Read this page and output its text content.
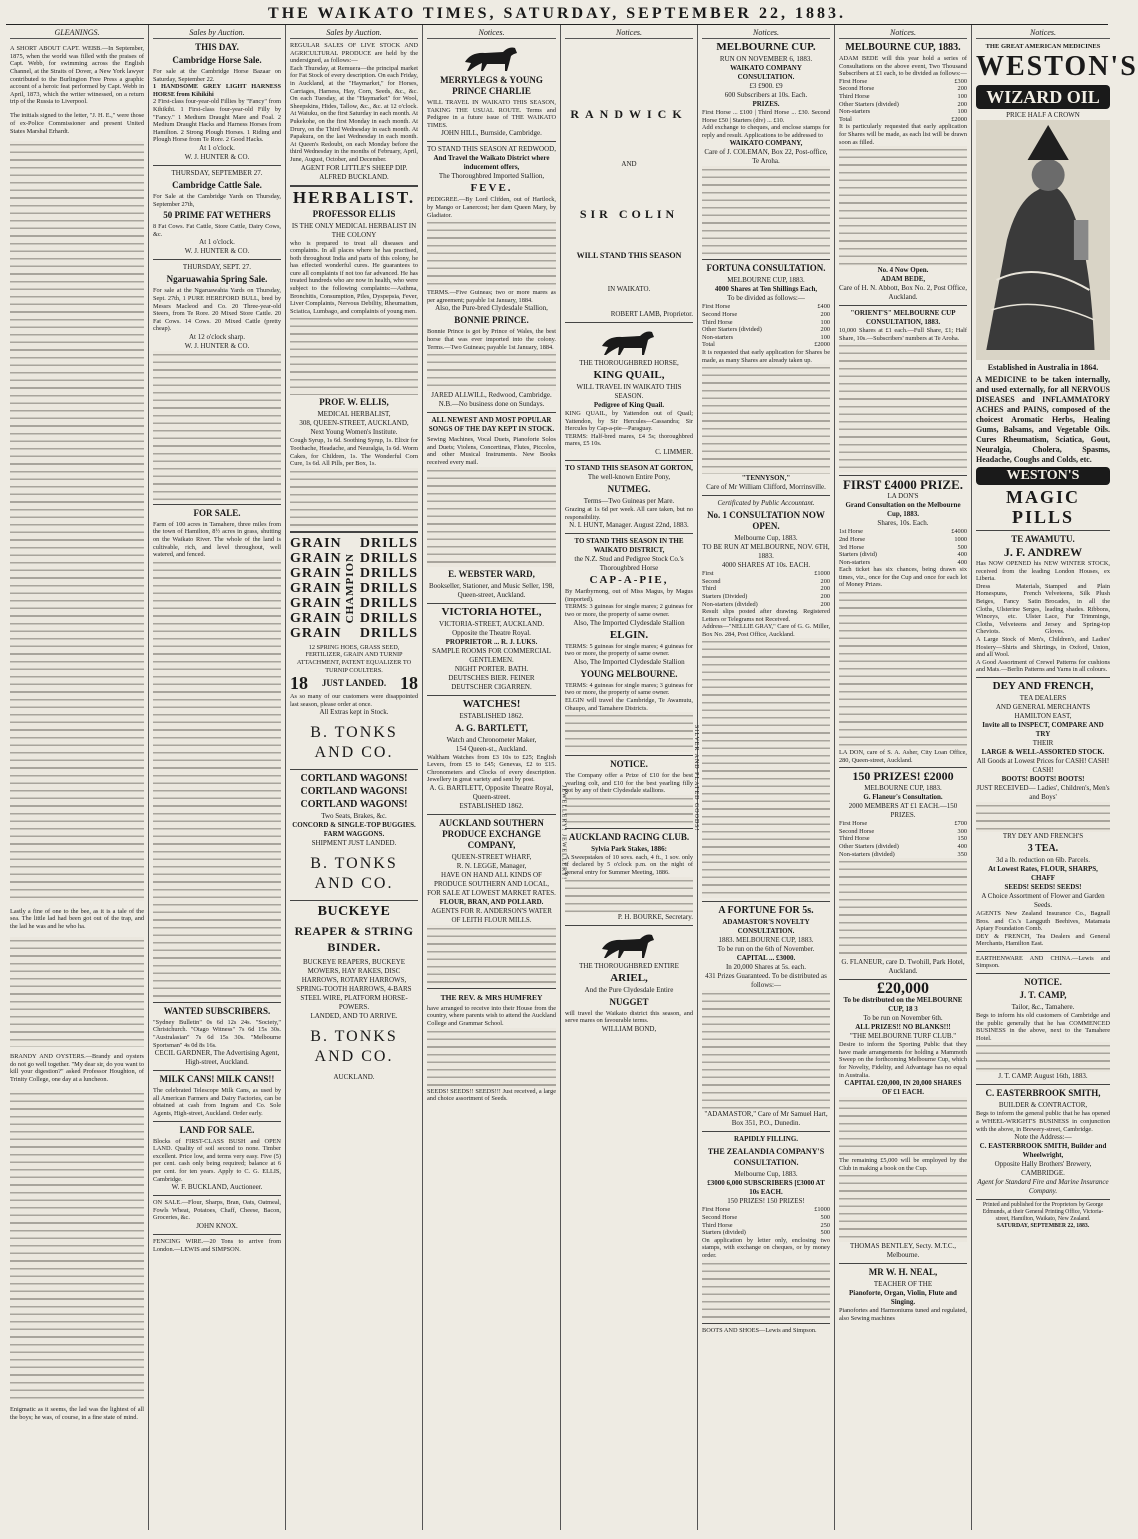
THE WAIKATO TIMES, SATURDAY, SEPTEMBER 22, 1883.
GLEANINGS.

A SHORT ABOUT CAPT. WEBB.—In September, 1875, when the world was filled with the praises of Capt. Webb, for swimming across the English Channel, at the Straits of Dover, a New York lawyer contributed to the Burlington Free Press a graphic account of a heroic feat performed by Capt. Webb in April, 1873, which the writer witnessed, on a return trip of the Russia to Liverpool.

The initials signed to the letter, "J. H. E.," were those of ex-Police Commissioner and present United States Marshal Erhardt.

Lastly a fine of one to the bee, as it is a tale of the sea. The little lad had been got out of the trap, and the lad he was and he who ha.

BRANDY AND OYSTERS.—Brandy and oysters do not go well together. "My dear sir, do you want to kill your digestion?" asked Professor Houghton, of Trinity College, one day at a luncheon.

Enigmatic as it seems, the lad was the lightest of all the boys; he was, of course, in a fine state of mind.

Sales by Auction.
THIS DAY.
Cambridge Horse Sale.
For sale at the Cambridge Horse Bazaar on Saturday, September 22.
1 HANDSOME GREY LIGHT HARNESS HORSE from Kihikihi
2 First-class four-year-old Fillies by "Fancy" from Kihikihi. 1 First-class four-year-old Filly by "Fancy." 1 Medium Draught Mare and Foal. 2 Medium Draught Hacks and Harness Horses from Hamilton. 2 Strong Plough Horses. 1 Riding and Plough Horse from Te Rore. 2 Good Hacks.
At 1 o'clock.
W. J. HUNTER & CO.
THURSDAY, SEPTEMBER 27.
Cambridge Cattle Sale.
For Sale at the Cambridge Yards on Thursday, September 27th,
50 PRIME FAT WETHERS
8 Fat Cows. Fat Cattle, Store Cattle, Dairy Cows, &c.
At 1 o'clock.
W. J. HUNTER & CO.
THURSDAY, SEPT. 27.
Ngaruawahia Spring Sale.
For sale at the Ngaruawahia Yards on Thursday, Sept. 27th, 1 PURE HEREFORD BULL, bred by Messrs Macleod and Co. 20 Three-year-old Steers, from Te Rore. 20 Mixed Store Cattle. 20 Fat Cows. 14 Cows. 20 Mixed Cattle (pretty cheap).
At 12 o'clock sharp.
W. J. HUNTER & CO.
FOR SALE.
Farm of 100 acres in Tamahere, three miles from the town of Hamilton, 8½ acres in grass, shutting on the Waikato River. The whole of the land is cultivable, rich, and level throughout, well watered, and fenced.
WANTED SUBSCRIBERS.
"Sydney Bulletin" 0s 6d 12s 24s. "Society," Christchurch. "Otago Witness" 7s 6d 15s 30s. "Australasian" 7s 6d 15s 30s. "Melbourne Sportsman" 4s 0d 8s 16s.
CECIL GARDNER, The Advertising Agent, High-street, Auckland.
MILK CANS! MILK CANS!!
The celebrated Telescope Milk Cans, as used by all American Farmers and Dairy Factories, can be obtained at cash from Ingram and Co. Sole Agents, High-street, Auckland. Order early.
LAND FOR SALE.
Blocks of FIRST-CLASS BUSH and OPEN LAND. Quality of soil second to none. Timber excellent. Price low, and terms very easy. Five (5) per cent. cash only being required; balance at 6 per cent. for ten years. Apply to C. G. ELLIS, Cambridge.
W. F. BUCKLAND, Auctioneer.
ON SALE.—Flour, Sharps, Bran, Oats, Oatmeal, Fowls Wheat, Potatoes, Chaff, Cheese, Bacon, Groceries, &c.
JOHN KNOX.
FENCING WIRE.—20 Tons to arrive from London.—LEWIS and SIMPSON.
Sales by Auction.
REGULAR SALES OF LIVE STOCK AND AGRICULTURAL PRODUCE are held by the undersigned, as follows:—
Each Thursday, at Remuera—the principal market for Fat Stock of every description. On each Friday, in Auckland, at the "Haymarket," for Horses, Carriages, Harness, Hay, Corn, Seeds, &c., &c. On each Tuesday, at the "Haymarket" for Wool, Sheepskins, Hides, Tallow, &c., &c. at 12 o'clock. At Waiuku, on the first Saturday in each month. At Pukekohe, on the first Monday in each month. At Drury, on the Third Wednesday in each month. At Papakura, on the last Wednesday in each month. At Queen's Redoubt, on each Monday before the third Wednesday in the months of February, April, June, August, October, and December.
AGENT FOR LITTLE'S SHEEP DIP.
ALFRED BUCKLAND.
HERBALIST.
PROFESSOR ELLIS
IS THE ONLY MEDICAL HERBALIST IN THE COLONY
who is prepared to treat all diseases and complaints. In all places where he has practised, both throughout India and parts of this colony, he has effected wonderful cures. He guarantees to cure all complaints if not too far advanced. He has treated hundreds who are now in health, who were subject to the following complaints:—Asthma, Bronchitis, Consumption, Piles, Dyspepsia, Fever, Liver Complaints, Nervous Debility, Rheumatism, Sciatica, Lumbago, and complaints of young men.
PROF. W. ELLIS,
MEDICAL HERBALIST,
308, QUEEN-STREET, AUCKLAND,
Next Young Women's Institute.
Cough Syrup, 1s 6d. Soothing Syrup, 1s. Elixir for Toothache, Headache, and Neuralgia, 1s 6d. Worm Cakes, for Children, 1s. The Wonderful Corn Cure, 1s 6d. All Pills, per Box, 1s.
GRAIN
GRAIN
GRAIN
GRAIN
GRAIN
GRAIN
GRAIN
CHAMPION
DRILLS
DRILLS
DRILLS
DRILLS
DRILLS
DRILLS
DRILLS
12 SPRING HOES, GRASS SEED, FERTILIZER, GRAIN AND TURNIP ATTACHMENT, PATENT EQUALIZER TO TURNIP COULTERS.
18 JUST LANDED. 18
As so many of our customers were disappointed last season, please order at once.
All Extras kept in Stock.
B. TONKS AND CO.
CORTLAND WAGONS!
CORTLAND WAGONS!
CORTLAND WAGONS!
Two Seats, Brakes, &c.
CONCORD & SINGLE-TOP BUGGIES. FARM WAGGONS.
SHIPMENT JUST LANDED.
B. TONKS AND CO.
BUCKEYE
REAPER & STRING BINDER.
BUCKEYE REAPERS, BUCKEYE MOWERS, HAY RAKES, DISC HARROWS, ROTARY HARROWS, SPRING-TOOTH HARROWS, 4-BARS STEEL WIRE, PLATFORM HORSE-POWERS.
LANDED, AND TO ARRIVE.
B. TONKS AND CO.
AUCKLAND.
Notices.
MERRYLEGS & YOUNG PRINCE CHARLIE
WILL TRAVEL IN WAIKATO THIS SEASON, TAKING THE USUAL ROUTE. Terms and Pedigree in a future issue of THE WAIKATO TIMES.
JOHN HILL, Burnside, Cambridge.
TO STAND THIS SEASON AT REDWOOD,
And Travel the Waikato District where inducement offers,
The Thoroughbred Imported Stallion,
FEVE.
PEDIGREE.—By Lord Clifden, out of Hartlock, by Mango or Lanercost; her dam Queen Mary, by Gladiator.
TERMS.—Five Guineas; two or more mares as per agreement; payable 1st January, 1884.
Also, the Pure-bred Clydesdale Stallion,
BONNIE PRINCE.
Bonnie Prince is got by Prince of Wales, the best horse that was ever imported into the colony. Terms.—Two Guineas; payable 1st January, 1884.
JARED ALLWILL, Redwood, Cambridge.
N.B.—No business done on Sundays.
ALL NEWEST AND MOST POPULAR SONGS OF THE DAY KEPT IN STOCK.
Sewing Machines, Vocal Duets, Pianoforte Solos and Duets; Violens, Concertinas, Flutes, Piccolos, and other Musical Instruments. New Books received every mail.
E. WEBSTER WARD,
Bookseller, Stationer, and Music Seller, 198, Queen-street, Auckland.
VICTORIA HOTEL,
VICTORIA-STREET, AUCKLAND. Opposite the Theatre Royal.
PROPRIETOR ... R. J. LUKS.
SAMPLE ROOMS FOR COMMERCIAL GENTLEMEN.
NIGHT PORTER. BATH.
DEUTSCHES BIER. FEINER DEUTSCHER CIGARREN.
WATCHES!
ESTABLISHED 1862.
A. G. BARTLETT,
Watch and Chronometer Maker,
154 Queen-st., Auckland.
Waltham Watches from £3 10s to £25; English Levers, from £5 to £45; Genevas, £2 to £15. Chronometers and Clocks of every description. Jewellery in great variety and sent by post.
A. G. BARTLETT, Opposite Theatre Royal, Queen-street.
ESTABLISHED 1862.
AUCKLAND SOUTHERN PRODUCE EXCHANGE COMPANY,
QUEEN-STREET WHARF,
R. N. LEGGE, Manager,
HAVE ON HAND ALL KINDS OF PRODUCE SOUTHERN AND LOCAL, FOR SALE AT LOWEST MARKET RATES.
FLOUR, BRAN, AND POLLARD.
AGENTS FOR R. ANDERSON'S WATER OF LEITH FLOUR MILLS.
THE REV. & MRS HUMFREY
have arranged to receive into their House from the country, where parents wish to attend the Auckland College and Grammar School.
SEEDS! SEEDS!! SEEDS!!! Just received, a large and choice assortment of Seeds.
Notices.
RANDWICK
AND
SIR COLIN
WILL STAND THIS SEASON
IN WAIKATO.
ROBERT LAMB, Proprietor.
THE THOROUGHBRED HORSE,
KING QUAIL,
WILL TRAVEL IN WAIKATO THIS SEASON.
Pedigree of King Quail.
KING QUAIL, by Yattendon out of Quail; Yattendon, by Sir Hercules—Cassandra; Sir Hercules by Cap-a-pie—Paraguay.
TERMS: Half-bred mares, £4 5s; thoroughbred mares, £5 10s.
C. LIMMER.
TO STAND THIS SEASON AT GORTON,
The well-known Entire Pony,
NUTMEG.
Terms—Two Guineas per Mare.
Grazing at 1s 6d per week. All care taken, but no responsibility.
N. I. HUNT, Manager. August 22nd, 1883.
TO STAND THIS SEASON IN THE WAIKATO DISTRICT,
the N.Z. Stud and Pedigree Stock Co.'s
Thoroughbred Horse
CAP-A-PIE,
By Maribyrnong, out of Miss Magus, by Magus (imported).
TERMS: 3 guineas for single mares; 2 guineas for two or more, the property of same owner.
Also, The Imported Clydesdale Stallion
ELGIN.
TERMS: 5 guineas for single mares; 4 guineas for two or more, the property of same owner.
Also, The Imported Clydesdale Stallion
YOUNG MELBOURNE.
TERMS: 4 guineas for single mares; 3 guineas for two or more, the property of same owner.
ELGIN will travel the Cambridge, Te Awamutu, Ohaupo, and Tamahere Districts.
NOTICE.
The Company offer a Prize of £10 for the best yearling colt, and £10 for the best yearling filly got by any of their Clydesdale stallions.
AUCKLAND RACING CLUB.
Sylvia Park Stakes, 1886:
A Sweepstakes of 10 sovs. each, 4 ft., 1 sov. only if declared by 5 o'clock p.m. on the night of general entry for Summer Meeting, 1886.
P. H. BOURKE, Secretary.
THE THOROUGHBRED ENTIRE
ARIEL,
And the Pure Clydesdale Entire
NUGGET
will travel the Waikato district this season, and serve mares on favourable terms.
WILLIAM BOND,
JEWELLERY! JEWELLERY!
SILVER AND PLATED GOODS!
Notices.
MELBOURNE CUP.
RUN ON NOVEMBER 6, 1883.
WAIKATO COMPANY CONSULTATION.
£3 £900. £9
600 Subscribers at 10s. Each.
PRIZES.
First Horse ... £100 | Third Horse ... £30. Second Horse £50 | Starters (div) ... £10.
Add exchange to cheques, and enclose stamps for reply and result. Applications to be addressed to
WAIKATO COMPANY,
Care of J. COLEMAN, Box 22, Post-office, Te Aroha.
FORTUNA CONSULTATION.
MELBOURNE CUP, 1883.
4000 Shares at Ten Shillings Each,
To be divided as follows:—
First Horse	£400
Second Horse	200
Third Horse	100
Other Starters (divided)	200
Non-starters	100
Total	£2000
It is requested that early application for Shares be made, as many Shares are already taken up.
"TENNYSON,"
Care of Mr William Clifford, Morrinsville.
Certificated by Public Accountant.
No. 1 CONSULTATION NOW OPEN.
Melbourne Cup, 1883.
TO BE RUN AT MELBOURNE, NOV. 6TH, 1883.
4000 SHARES AT 10s. EACH.
First	£1000
Second	200
Third	200
Starters (Divided)	200
Non-starters (divided)	200
Result slips posted after drawing. Registered Letters or Telegrams not Received.
Address—"NELLIE GRAY," Care of G. G. Miller, Box No. 284, Post Office, Auckland.
A FORTUNE FOR 5s.
ADAMASTOR'S NOVELTY CONSULTATION.
1883. MELBOURNE CUP, 1883.
To be run on the 6th of November.
CAPITAL ... £3000.
In 20,000 Shares at 5s. each.
431 Prizes Guaranteed. To be distributed as follows:—
"ADAMASTOR," Care of Mr Samuel Hart, Box 351, P.O., Dunedin.
RAPIDLY FILLING.
THE ZEALANDIA COMPANY'S CONSULTATION.
Melbourne Cup, 1883.
£3000 6,000 SUBSCRIBERS [£3000 AT 10s EACH.
150 PRIZES! 150 PRIZES!
First Horse	£1000
Second Horse	500
Third Horse	250
Starters (divided)	500
On application by letter only, enclosing two stamps, with exchange on cheques, or by money order.
BOOTS AND SHOES—Lewis and Simpson.
Notices.
MELBOURNE CUP, 1883.
ADAM BEDE will this year hold a series of Consultations on the above event, Two Thousand Subscribers at £1 each, to be divided as follows:—
First Horse	£300
Second Horse	200
Third Horse	100
Other Starters (divided)	200
Non-starters	100
Total	£2000
It is particularly requested that early application for Shares will be made, as each list will be drawn soon as filled.
No. 4 Now Open.
ADAM BEDE,
Care of H. N. Abbott, Box No. 2, Post Office, Auckland.
"ORIENT'S" MELBOURNE CUP CONSULTATION, 1883.
10,000 Shares at £1 each.—Full Share, £1; Half Share, 10s.—Subscribers' numbers at Te Aroha.
FIRST £4000 PRIZE.
LA DON'S
Grand Consultation on the Melbourne Cup, 1883.
Shares, 10s. Each.
1st Horse	£4000
2nd Horse	1000
3rd Horse	500
Starters (divid)	400
Non-starters	400
Each ticket has six chances, being drawn six times, viz., once for the Cup and once for each lot of Money Prizes.
LA DON, care of S. A. Asher, City Loan Office, 280, Queen-street, Auckland.
150 PRIZES! £2000
MELBOURNE CUP, 1883.
G. Flaneur's Consultation.
2000 MEMBERS AT £1 EACH.—150 PRIZES.
First Horse	£700
Second Horse	300
Third Horse	150
Other Starters (divided)	400
Non-starters (divided)	350
G. FLANEUR, care D. Twohill, Park Hotel, Auckland.
£20,000
To be distributed on the MELBOURNE CUP, 18 3
To be run on November 6th.
ALL PRIZES!! NO BLANKS!!!
"THE MELBOURNE TURF CLUB."
Desire to inform the Sporting Public that they have made arrangements for holding a Mammoth Sweep on the forthcoming Melbourne Cup, which for Novelty, Fidelity, and Advantage has no equal in Australia.
CAPITAL £20,000, IN 20,000 SHARES OF £1 EACH.
The remaining £5,000 will be employed by the Club in making a book on the Cup.
THOMAS BENTLEY, Secty. M.T.C., Melbourne.
MR W. H. NEAL,
TEACHER OF THE
Pianoforte, Organ, Violin, Flute and Singing.
Pianofortes and Harmoniums tuned and regulated, also Sewing machines
Notices.
THE GREAT AMERICAN MEDICINES
WESTON'S
WIZARD OIL
PRICE HALF A CROWN
Established in Australia in 1864.
A MEDICINE to be taken internally, and used externally, for all NERVOUS DISEASES and INFLAMMATORY ACHES and PAINS, composed of the choicest Aromatic Herbs, Healing Gums, Balsams, and Vegetable Oils. Cures Rheumatism, Sciatica, Gout, Neuralgia, Cholera, Spasms, Headache, Coughs and Colds, etc.
WESTON'S
MAGIC PILLS
TE AWAMUTU.
J. F. ANDREW
Has NOW OPENED his NEW WINTER STOCK, received from the leading London Houses, ex Liberia.
Dress Materials, Homespuns, French Beiges, Fancy Satin Cloths, Ulsterine Serges, Winceys, etc. Ulster Cloths, Velveteens and Cheviots.
Stamped and Plain Velveteens, Silk Plush Brocades, in all the leading shades. Ribbons, Lace, Fur Trimmings, Jersey and Spring-top Gloves.
A Large Stock of Men's, Children's, and Ladies' Hosiery—Shirts and Shirtings, in Oxford, Union, and all Wool.
A Good Assortment of Crewel Patterns for cushions and Mats.—Berlin Patterns and Yarns in all colours.
DEY AND FRENCH,
TEA DEALERS
AND GENERAL MERCHANTS
HAMILTON EAST,
Invite all to INSPECT, COMPARE AND TRY
THEIR
LARGE & WELL-ASSORTED STOCK.
All Goods at Lowest Prices for CASH! CASH! CASH!
BOOTS! BOOTS! BOOTS!
JUST RECEIVED— Ladies', Children's, Men's and Boys'
TRY DEY AND FRENCH'S
3 TEA.
3d a lb. reduction on 6lb. Parcels.
At Lowest Rates, FLOUR, SHARPS, CHAFF
SEEDS! SEEDS! SEEDS!
A Choice Assortment of Flower and Garden Seeds.
AGENTS New Zealand Insurance Co., Bagnall Bros. and Co.'s Langguth Beehives, Matamata Apiary Foundation Comb.
DEY & FRENCH, Tea Dealers and General Merchants, Hamilton East.
EARTHENWARE AND CHINA.—Lewis and Simpson.
NOTICE.
J. T. CAMP,
Tailor, &c., Tamahere.
Begs to inform his old customers of Cambridge and the public generally that he has COMMENCED BUSINESS in the above, next to the Tamahere Hotel.
J. T. CAMP. August 16th, 1883.
C. EASTERBROOK SMITH,
BUILDER & CONTRACTOR,
Begs to inform the general public that he has opened a WHEEL-WRIGHT'S BUSINESS in conjunction with the above, in Brewery-street, Cambridge.
Note the Address:—
C. EASTERBROOK SMITH, Builder and Wheelwright,
Opposite Hally Brothers' Brewery, CAMBRIDGE.
Agent for Standard Fire and Marine Insurance Company.
Printed and published for the Proprietors by George Edmunds, at their General Printing Office, Victoria-street, Hamilton, Waikato, New Zealand.
SATURDAY, SEPTEMBER 22, 1883.
